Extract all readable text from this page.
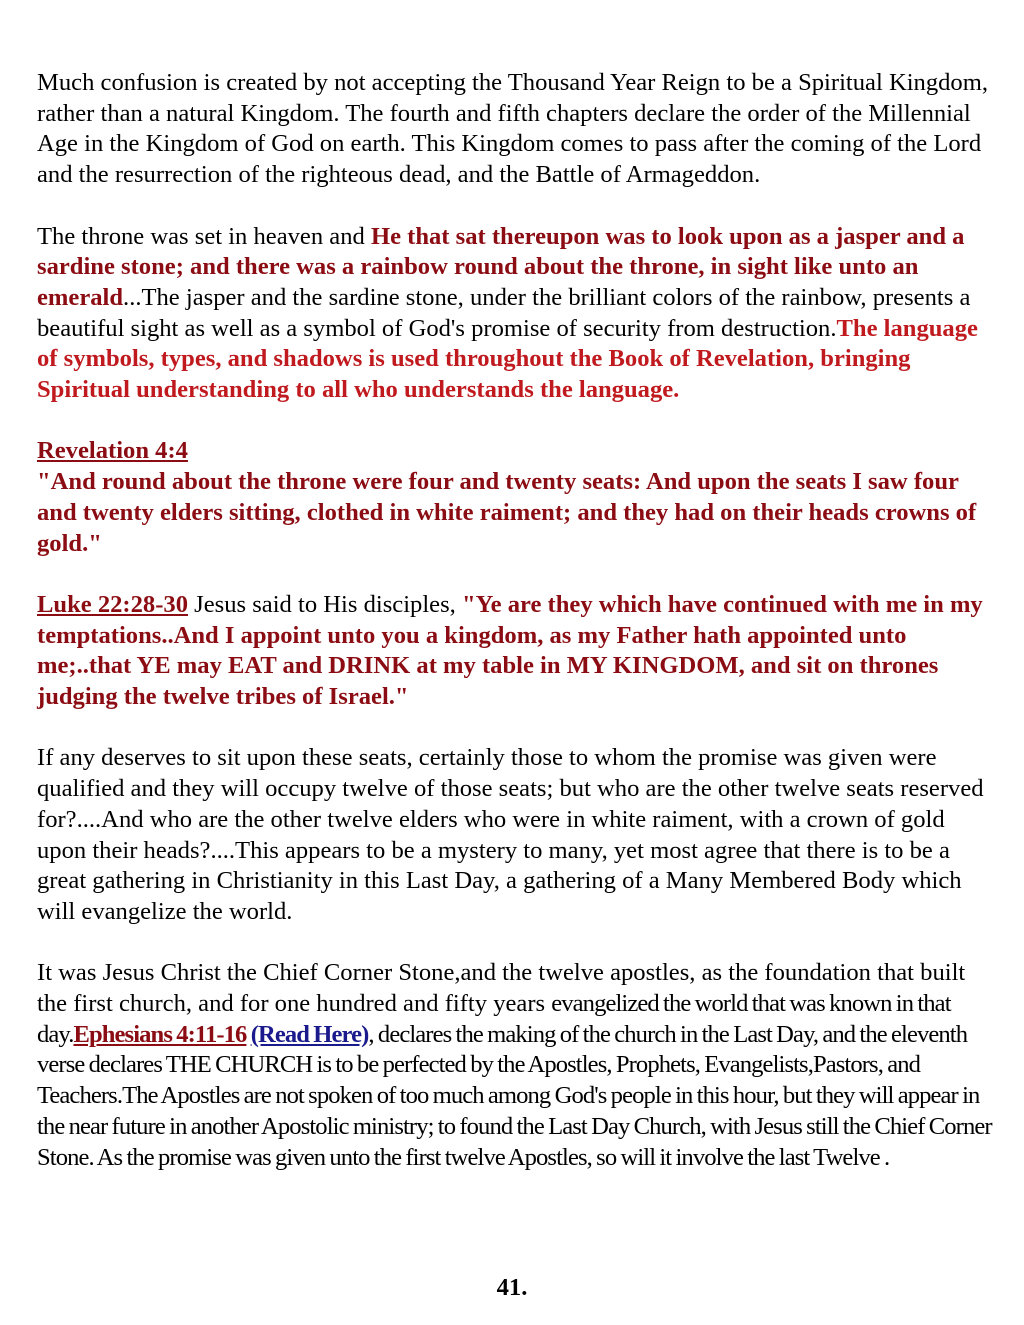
Much confusion is created by not accepting the Thousand Year Reign to be a Spiritual Kingdom, rather than a natural Kingdom. The fourth and fifth chapters declare the order of the Millennial Age in the Kingdom of God on earth. This Kingdom comes to pass after the coming of the Lord and the resurrection of the righteous dead, and the Battle of Armageddon.

The throne was set in heaven and He that sat thereupon was to look upon as a jasper and a sardine stone; and there was a rainbow round about the throne, in sight like unto an emerald...The jasper and the sardine stone, under the brilliant colors of the rainbow, presents a beautiful sight as well as a symbol of God's promise of security from destruction.The language of symbols, types, and shadows is used throughout the Book of Revelation, bringing Spiritual understanding to all who understands the language.

Revelation 4:4
"And round about the throne were four and twenty seats: And upon the seats I saw four and twenty elders sitting, clothed in white raiment; and they had on their heads crowns of gold."

Luke 22:28-30 Jesus said to His disciples, "Ye are they which have continued with me in my temptations..And I appoint unto you a kingdom, as my Father hath appointed unto me;..that YE may EAT and DRINK at my table in MY KINGDOM, and sit on thrones judging the twelve tribes of Israel."

If any deserves to sit upon these seats, certainly those to whom the promise was given were qualified and they will occupy twelve of those seats; but who are the other twelve seats reserved for?....And who are the other twelve elders who were in white raiment, with a crown of gold upon their heads?....This appears to be a mystery to many, yet most agree that there is to be a great gathering in Christianity in this Last Day, a gathering of a Many Membered Body which will evangelize the world.

It was Jesus Christ the Chief Corner Stone,and the twelve apostles, as the foundation that built the first church, and for one hundred and fifty years evangelized the world that was known in that day.Ephesians 4:11-16 (Read Here), declares the making of the church in the Last Day, and the eleventh verse declares THE CHURCH is to be perfected by the Apostles, Prophets, Evangelists,Pastors, and Teachers.The Apostles are not spoken of too much among God's people in this hour, but they will appear in the near future in another Apostolic ministry; to found the Last Day Church, with Jesus still the Chief Corner Stone. As the promise was given unto the first twelve Apostles, so will it involve the last Twelve .

41.
